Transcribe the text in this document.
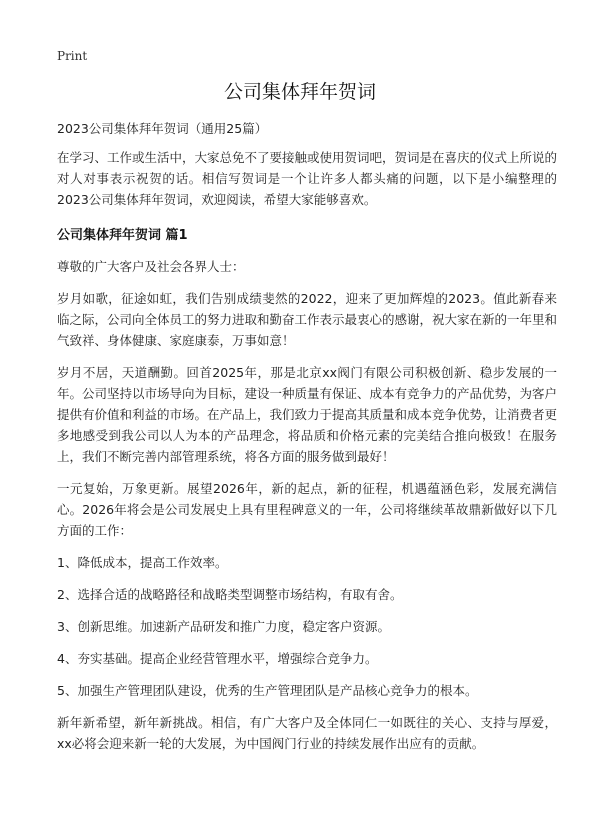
Print
公司集体拜年贺词
2023公司集体拜年贺词（通用25篇）

在学习、工作或生活中，大家总免不了要接触或使用贺词吧，贺词是在喜庆的仪式上所说的对人对事表示祝贺的话。相信写贺词是一个让许多人都头痛的问题，以下是小编整理的2023公司集体拜年贺词，欢迎阅读，希望大家能够喜欢。

公司集体拜年贺词 篇1

尊敬的广大客户及社会各界人士：

岁月如歌，征途如虹，我们告别成绩斐然的2022，迎来了更加辉煌的2023。值此新春来临之际，公司向全体员工的努力进取和勤奋工作表示最衷心的感谢，祝大家在新的一年里和气致祥、身体健康、家庭康泰，万事如意！

岁月不居，天道酬勤。回首2025年，那是北京xx阀门有限公司积极创新、稳步发展的一年。公司坚持以市场导向为目标，建设一种质量有保证、成本有竞争力的产品优势，为客户提供有价值和利益的市场。在产品上，我们致力于提高其质量和成本竞争优势，让消费者更多地感受到我公司以人为本的产品理念，将品质和价格元素的完美结合推向极致！在服务上，我们不断完善内部管理系统，将各方面的服务做到最好！

一元复始，万象更新。展望2026年，新的起点，新的征程，机遇蕴涵色彩，发展充满信心。2026年将会是公司发展史上具有里程碑意义的一年，公司将继续革故鼎新做好以下几方面的工作：

1、降低成本，提高工作效率。
2、选择合适的战略路径和战略类型调整市场结构，有取有舍。
3、创新思维。加速新产品研发和推广力度，稳定客户资源。
4、夯实基础。提高企业经营管理水平，增强综合竞争力。
5、加强生产管理团队建设，优秀的生产管理团队是产品核心竞争力的根本。

新年新希望，新年新挑战。相信，有广大客户及全体同仁一如既往的关心、支持与厚爱，xx必将会迎来新一轮的大发展，为中国阀门行业的持续发展作出应有的贡献。
